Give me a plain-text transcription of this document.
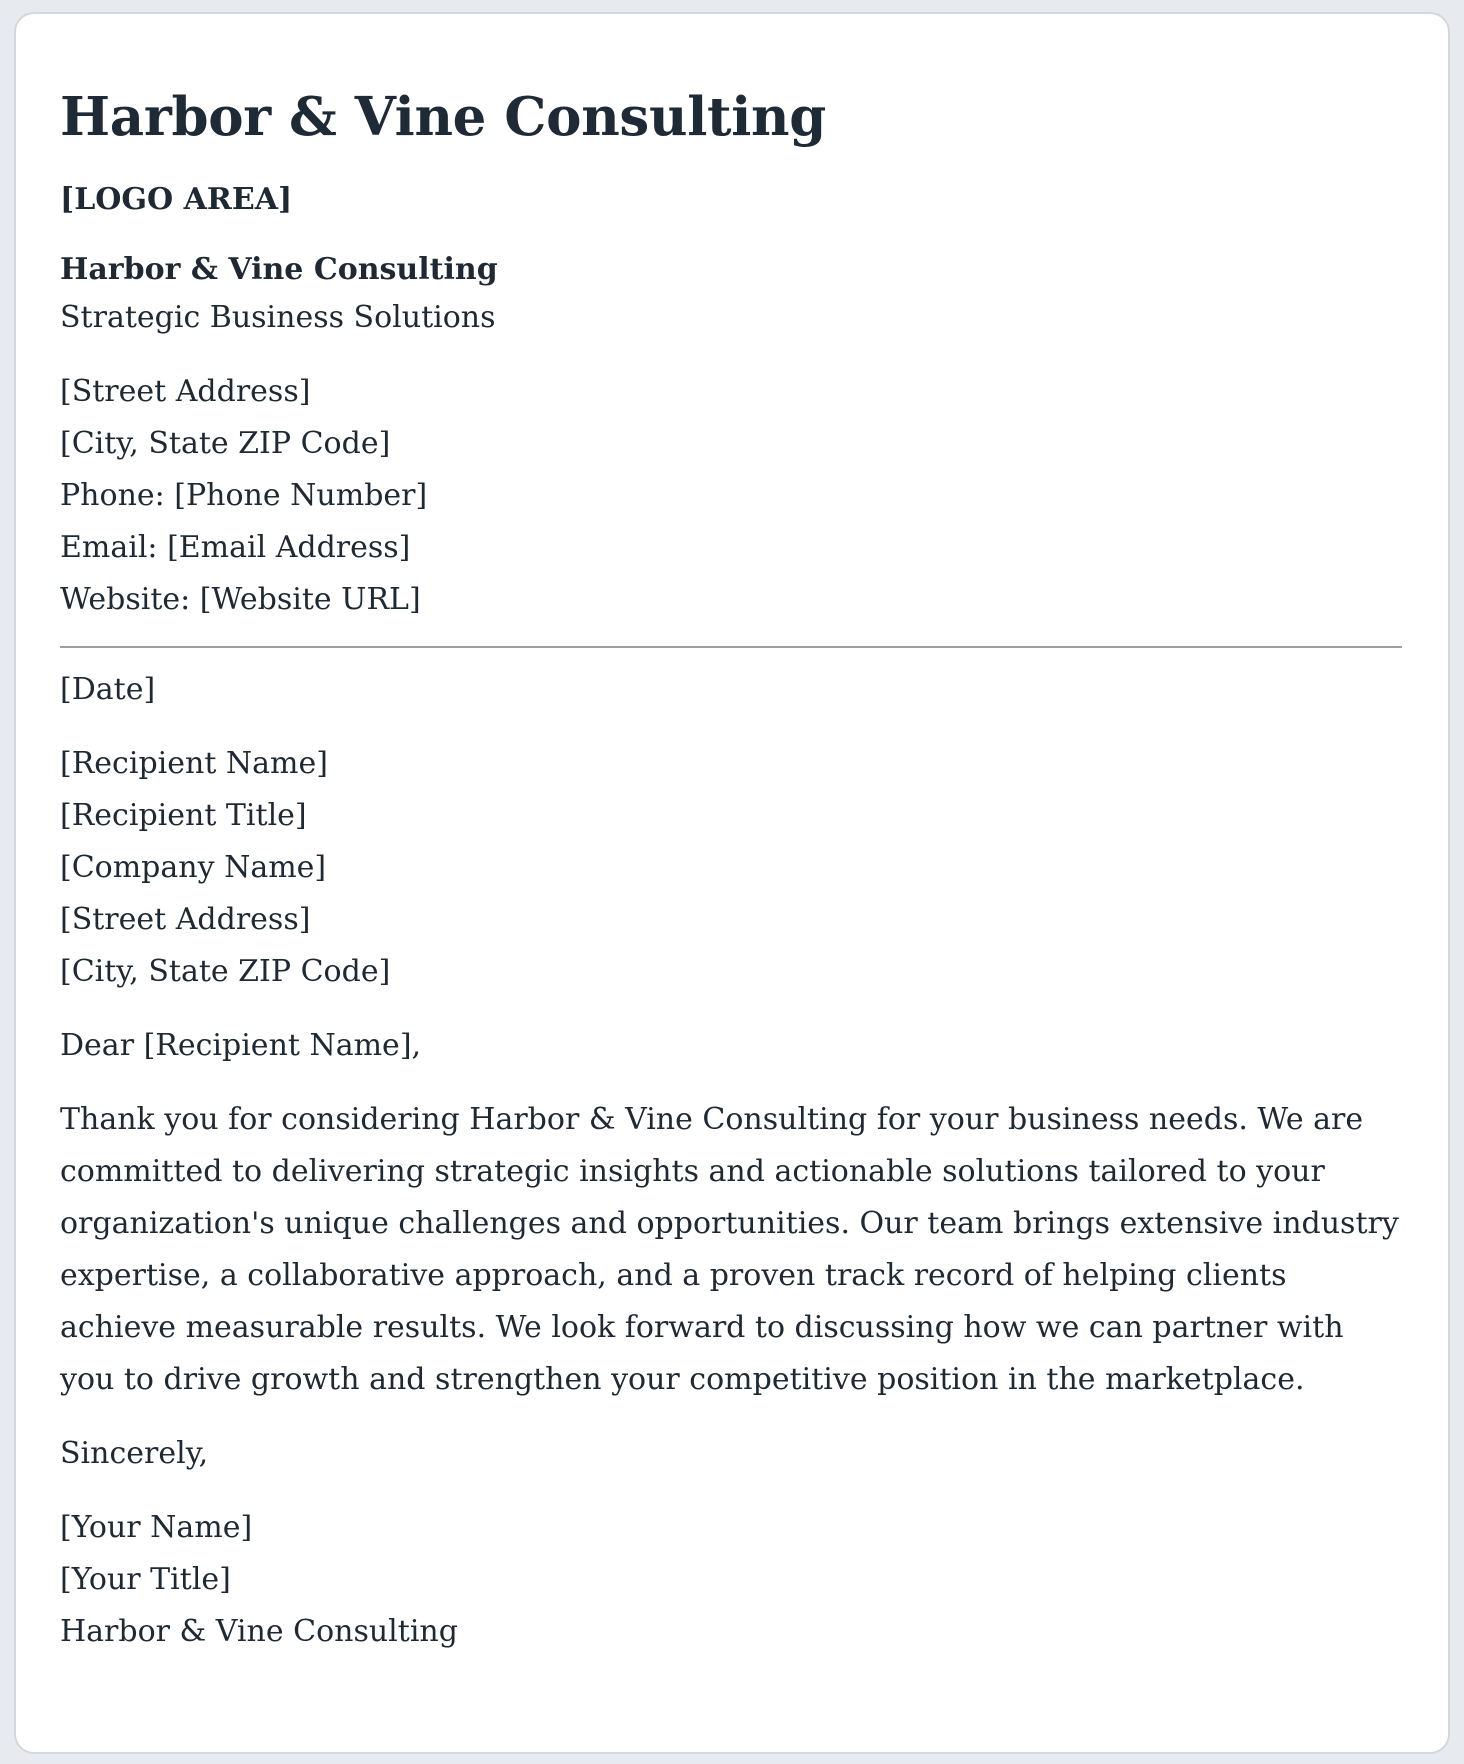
Harbor & Vine Consulting
[LOGO AREA]
Harbor & Vine Consulting
Strategic Business Solutions
[Street Address]
[City, State ZIP Code]
Phone: [Phone Number]
Email: [Email Address]
Website: [Website URL]
[Date]
[Recipient Name]
[Recipient Title]
[Company Name]
[Street Address]
[City, State ZIP Code]
Dear [Recipient Name],
Thank you for considering Harbor & Vine Consulting for your business needs. We are committed to delivering strategic insights and actionable solutions tailored to your organization's unique challenges and opportunities. Our team brings extensive industry expertise, a collaborative approach, and a proven track record of helping clients achieve measurable results. We look forward to discussing how we can partner with you to drive growth and strengthen your competitive position in the marketplace.
Sincerely,
[Your Name]
[Your Title]
Harbor & Vine Consulting
